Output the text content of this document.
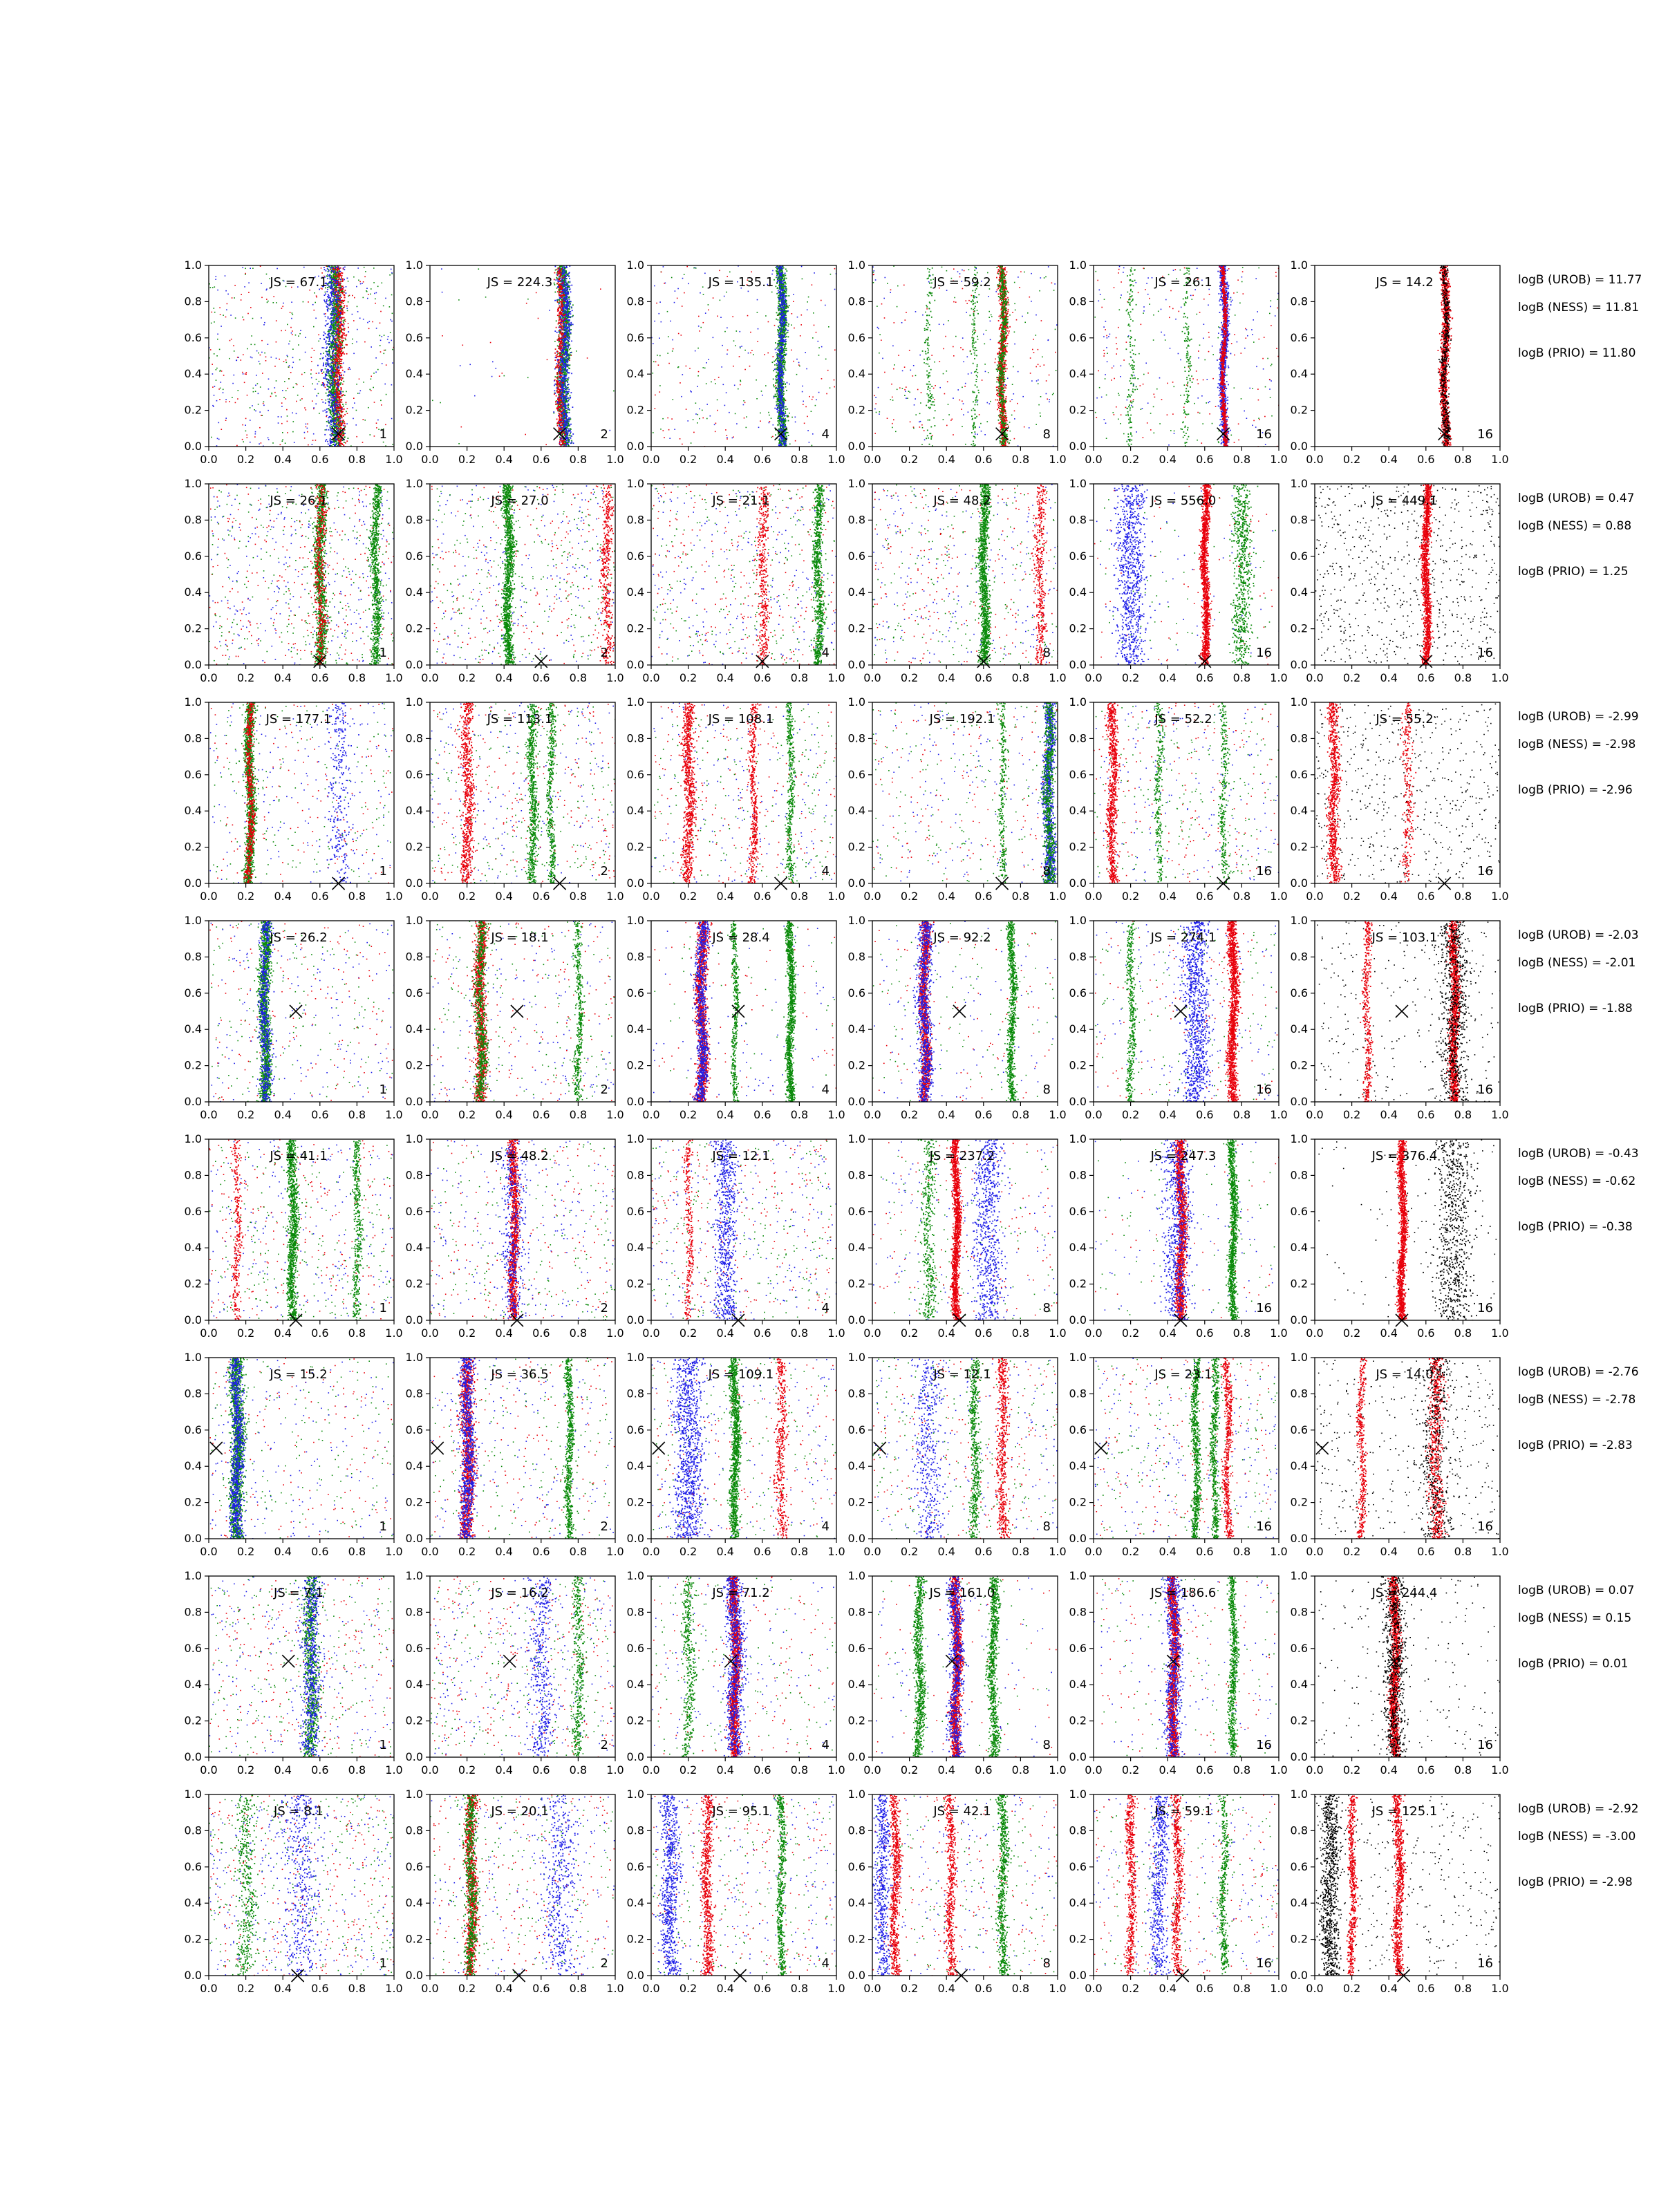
0.0
0.0
0.2
0.2
0.4
0.4
0.6
0.6
0.8
0.8
1.0
1.0
JS = 67.1
1
0.0
0.0
0.2
0.2
0.4
0.4
0.6
0.6
0.8
0.8
1.0
1.0
JS = 224.3
2
0.0
0.0
0.2
0.2
0.4
0.4
0.6
0.6
0.8
0.8
1.0
1.0
JS = 135.1
4
0.0
0.0
0.2
0.2
0.4
0.4
0.6
0.6
0.8
0.8
1.0
1.0
JS = 59.2
8
0.0
0.0
0.2
0.2
0.4
0.4
0.6
0.6
0.8
0.8
1.0
1.0
JS = 26.1
16
0.0
0.0
0.2
0.2
0.4
0.4
0.6
0.6
0.8
0.8
1.0
1.0
JS = 14.2
16
logB (UROB) = 11.77
logB (NESS) = 11.81
logB (PRIO) = 11.80
0.0
0.0
0.2
0.2
0.4
0.4
0.6
0.6
0.8
0.8
1.0
1.0
JS = 26.1
1
0.0
0.0
0.2
0.2
0.4
0.4
0.6
0.6
0.8
0.8
1.0
1.0
JS = 27.0
2
0.0
0.0
0.2
0.2
0.4
0.4
0.6
0.6
0.8
0.8
1.0
1.0
JS = 21.1
4
0.0
0.0
0.2
0.2
0.4
0.4
0.6
0.6
0.8
0.8
1.0
1.0
JS = 48.2
8
0.0
0.0
0.2
0.2
0.4
0.4
0.6
0.6
0.8
0.8
1.0
1.0
JS = 556.0
16
0.0
0.0
0.2
0.2
0.4
0.4
0.6
0.6
0.8
0.8
1.0
1.0
JS = 449.1
16
logB (UROB) = 0.47
logB (NESS) = 0.88
logB (PRIO) = 1.25
0.0
0.0
0.2
0.2
0.4
0.4
0.6
0.6
0.8
0.8
1.0
1.0
JS = 177.1
1
0.0
0.0
0.2
0.2
0.4
0.4
0.6
0.6
0.8
0.8
1.0
1.0
JS = 113.1
2
0.0
0.0
0.2
0.2
0.4
0.4
0.6
0.6
0.8
0.8
1.0
1.0
JS = 108.1
4
0.0
0.0
0.2
0.2
0.4
0.4
0.6
0.6
0.8
0.8
1.0
1.0
JS = 192.1
8
0.0
0.0
0.2
0.2
0.4
0.4
0.6
0.6
0.8
0.8
1.0
1.0
JS = 52.2
16
0.0
0.0
0.2
0.2
0.4
0.4
0.6
0.6
0.8
0.8
1.0
1.0
JS = 55.2
16
logB (UROB) = -2.99
logB (NESS) = -2.98
logB (PRIO) = -2.96
0.0
0.0
0.2
0.2
0.4
0.4
0.6
0.6
0.8
0.8
1.0
1.0
JS = 26.2
1
0.0
0.0
0.2
0.2
0.4
0.4
0.6
0.6
0.8
0.8
1.0
1.0
JS = 18.1
2
0.0
0.0
0.2
0.2
0.4
0.4
0.6
0.6
0.8
0.8
1.0
1.0
JS = 28.4
4
0.0
0.0
0.2
0.2
0.4
0.4
0.6
0.6
0.8
0.8
1.0
1.0
JS = 92.2
8
0.0
0.0
0.2
0.2
0.4
0.4
0.6
0.6
0.8
0.8
1.0
1.0
JS = 274.1
16
0.0
0.0
0.2
0.2
0.4
0.4
0.6
0.6
0.8
0.8
1.0
1.0
JS = 103.1
16
logB (UROB) = -2.03
logB (NESS) = -2.01
logB (PRIO) = -1.88
0.0
0.0
0.2
0.2
0.4
0.4
0.6
0.6
0.8
0.8
1.0
1.0
JS = 41.1
1
0.0
0.0
0.2
0.2
0.4
0.4
0.6
0.6
0.8
0.8
1.0
1.0
JS = 48.2
2
0.0
0.0
0.2
0.2
0.4
0.4
0.6
0.6
0.8
0.8
1.0
1.0
JS = 12.1
4
0.0
0.0
0.2
0.2
0.4
0.4
0.6
0.6
0.8
0.8
1.0
1.0
JS = 237.2
8
0.0
0.0
0.2
0.2
0.4
0.4
0.6
0.6
0.8
0.8
1.0
1.0
JS = 247.3
16
0.0
0.0
0.2
0.2
0.4
0.4
0.6
0.6
0.8
0.8
1.0
1.0
JS = 376.4
16
logB (UROB) = -0.43
logB (NESS) = -0.62
logB (PRIO) = -0.38
0.0
0.0
0.2
0.2
0.4
0.4
0.6
0.6
0.8
0.8
1.0
1.0
JS = 15.2
1
0.0
0.0
0.2
0.2
0.4
0.4
0.6
0.6
0.8
0.8
1.0
1.0
JS = 36.5
2
0.0
0.0
0.2
0.2
0.4
0.4
0.6
0.6
0.8
0.8
1.0
1.0
JS = 109.1
4
0.0
0.0
0.2
0.2
0.4
0.4
0.6
0.6
0.8
0.8
1.0
1.0
JS = 12.1
8
0.0
0.0
0.2
0.2
0.4
0.4
0.6
0.6
0.8
0.8
1.0
1.0
JS = 23.1
16
0.0
0.0
0.2
0.2
0.4
0.4
0.6
0.6
0.8
0.8
1.0
1.0
JS = 14.0
16
logB (UROB) = -2.76
logB (NESS) = -2.78
logB (PRIO) = -2.83
0.0
0.0
0.2
0.2
0.4
0.4
0.6
0.6
0.8
0.8
1.0
1.0
JS = 7.1
1
0.0
0.0
0.2
0.2
0.4
0.4
0.6
0.6
0.8
0.8
1.0
1.0
JS = 16.2
2
0.0
0.0
0.2
0.2
0.4
0.4
0.6
0.6
0.8
0.8
1.0
1.0
JS = 71.2
4
0.0
0.0
0.2
0.2
0.4
0.4
0.6
0.6
0.8
0.8
1.0
1.0
JS = 161.0
8
0.0
0.0
0.2
0.2
0.4
0.4
0.6
0.6
0.8
0.8
1.0
1.0
JS = 186.6
16
0.0
0.0
0.2
0.2
0.4
0.4
0.6
0.6
0.8
0.8
1.0
1.0
JS = 244.4
16
logB (UROB) = 0.07
logB (NESS) = 0.15
logB (PRIO) = 0.01
0.0
0.0
0.2
0.2
0.4
0.4
0.6
0.6
0.8
0.8
1.0
1.0
JS = 8.1
1
0.0
0.0
0.2
0.2
0.4
0.4
0.6
0.6
0.8
0.8
1.0
1.0
JS = 20.1
2
0.0
0.0
0.2
0.2
0.4
0.4
0.6
0.6
0.8
0.8
1.0
1.0
JS = 95.1
4
0.0
0.0
0.2
0.2
0.4
0.4
0.6
0.6
0.8
0.8
1.0
1.0
JS = 42.1
8
0.0
0.0
0.2
0.2
0.4
0.4
0.6
0.6
0.8
0.8
1.0
1.0
JS = 59.1
16
0.0
0.0
0.2
0.2
0.4
0.4
0.6
0.6
0.8
0.8
1.0
1.0
JS = 125.1
16
logB (UROB) = -2.92
logB (NESS) = -3.00
logB (PRIO) = -2.98
